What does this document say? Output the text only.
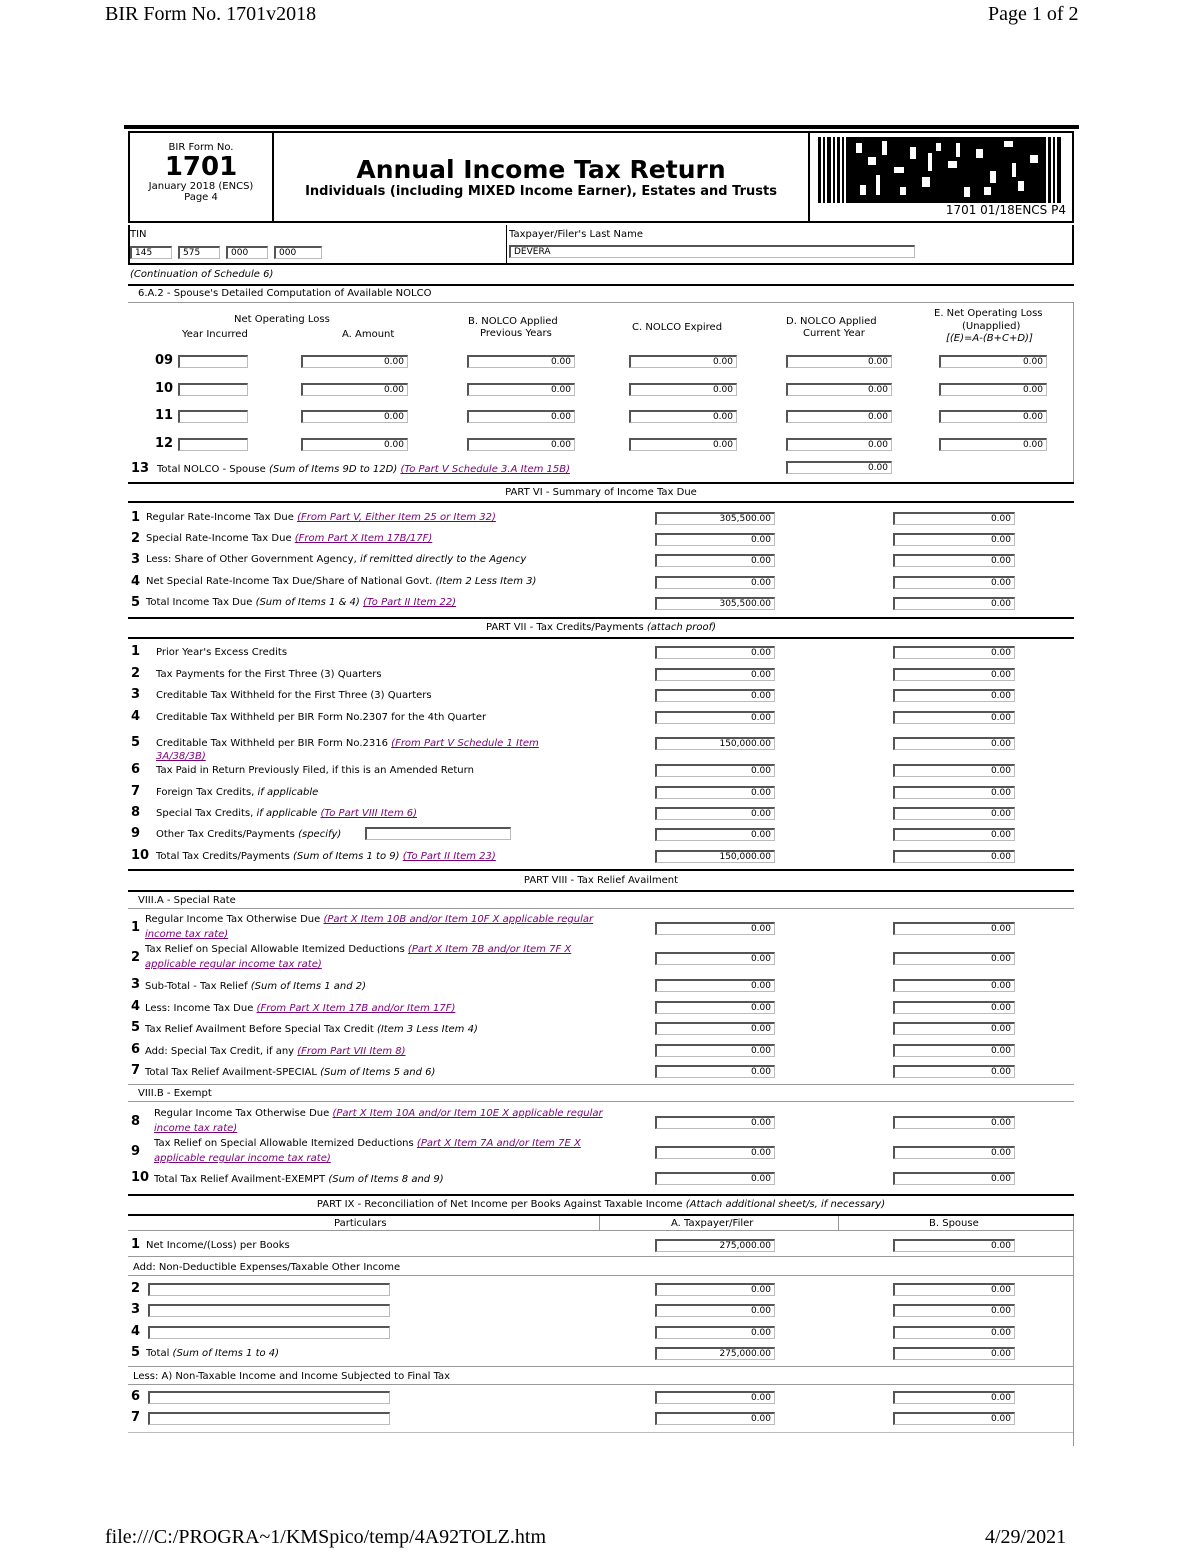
BIR Form No. 1701v2018	Page 1 of 2
file:///C:/PROGRA~1/KMSpico/temp/4A92TOLZ.htm	4/29/2021
BIR Form No.
1701
January 2018 (ENCS)
Page 4
Annual Income Tax Return
Individuals (including MIXED Income Earner), Estates and Trusts
1701 01/18ENCS P4
TIN
145	575	000	000
Taxpayer/Filer's Last Name
DEVERA
(Continuation of Schedule 6)
6.A.2 - Spouse's Detailed Computation of Available NOLCO
Net Operating Loss
Year Incurred	A. Amount
B. NOLCO Applied
Previous Years
C. NOLCO Expired
D. NOLCO Applied
Current Year
E. Net Operating Loss
(Unapplied)
[(E)=A-(B+C+D)]
09	0.00	0.00	0.00	0.00	0.00
10	0.00	0.00	0.00	0.00	0.00
11	0.00	0.00	0.00	0.00	0.00
12	0.00	0.00	0.00	0.00	0.00
13 Total NOLCO - Spouse (Sum of Items 9D to 12D) (To Part V Schedule 3.A Item 15B)	0.00
PART VI - Summary of Income Tax Due
1 Regular Rate-Income Tax Due (From Part V, Either Item 25 or Item 32)	305,500.00	0.00
2 Special Rate-Income Tax Due (From Part X Item 17B/17F)	0.00	0.00
3 Less: Share of Other Government Agency, if remitted directly to the Agency	0.00	0.00
4 Net Special Rate-Income Tax Due/Share of National Govt. (Item 2 Less Item 3)	0.00	0.00
5 Total Income Tax Due (Sum of Items 1 & 4) (To Part II Item 22)	305,500.00	0.00
PART VII - Tax Credits/Payments (attach proof)
1 Prior Year's Excess Credits	0.00	0.00
2 Tax Payments for the First Three (3) Quarters	0.00	0.00
3 Creditable Tax Withheld for the First Three (3) Quarters	0.00	0.00
4 Creditable Tax Withheld per BIR Form No.2307 for the 4th Quarter	0.00	0.00
5 Creditable Tax Withheld per BIR Form No.2316 (From Part V Schedule 1 Item 3A/38/3B)
150,000.00	0.00
6 Tax Paid in Return Previously Filed, if this is an Amended Return	0.00	0.00
7 Foreign Tax Credits, if applicable	0.00	0.00
8 Special Tax Credits, if applicable (To Part VIII Item 6)	0.00	0.00
9 Other Tax Credits/Payments (specify)	0.00	0.00
10 Total Tax Credits/Payments (Sum of Items 1 to 9) (To Part II Item 23)	150,000.00	0.00
PART VIII - Tax Relief Availment
VIII.A - Special Rate
1
Regular Income Tax Otherwise Due (Part X Item 10B and/or Item 10F X applicable regular income tax rate)	0.00	0.00
2
Tax Relief on Special Allowable Itemized Deductions (Part X Item 7B and/or Item 7F X applicable regular income tax rate)	0.00	0.00
3 Sub-Total - Tax Relief (Sum of Items 1 and 2)	0.00	0.00
4 Less: Income Tax Due (From Part X Item 17B and/or Item 17F)	0.00	0.00
5 Tax Relief Availment Before Special Tax Credit (Item 3 Less Item 4)	0.00	0.00
6 Add: Special Tax Credit, if any (From Part VII Item 8)	0.00	0.00
7 Total Tax Relief Availment-SPECIAL (Sum of Items 5 and 6)	0.00	0.00
8
Regular Income Tax Otherwise Due (Part X Item 10A and/or Item 10E X applicable regular income tax rate)	0.00	0.00
9
Tax Relief on Special Allowable Itemized Deductions (Part X Item 7A and/or Item 7E X applicable regular income tax rate)	0.00	0.00
10 Total Tax Relief Availment-EXEMPT (Sum of Items 8 and 9)	0.00	0.00
VIII.B - Exempt
PART IX - Reconciliation of Net Income per Books Against Taxable Income (Attach additional sheet/s, if necessary)
Particulars	A. Taxpayer/Filer	B. Spouse
1 Net Income/(Loss) per Books	275,000.00	0.00
Add: Non-Deductible Expenses/Taxable Other Income
2	0.00	0.00
3	0.00	0.00
4	0.00	0.00
5 Total (Sum of Items 1 to 4)	275,000.00	0.00
Less: A) Non-Taxable Income and Income Subjected to Final Tax
6	0.00	0.00
7	0.00	0.00
